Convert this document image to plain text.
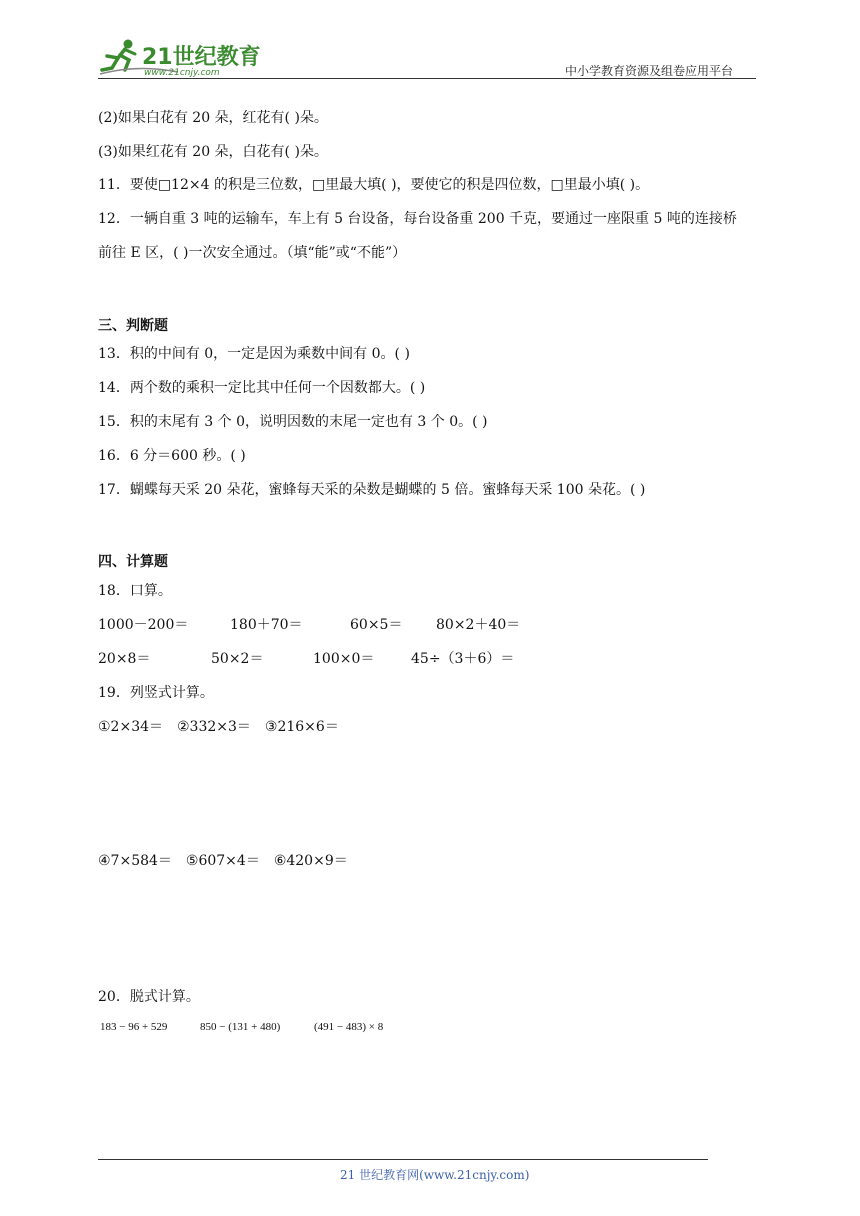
21世纪教育
www.21cnjy.com	中小学教育资源及组卷应用平台
(2)如果白花有 20 朵，红花有( )朵。
(3)如果红花有 20 朵，白花有( )朵。
11．要使□12×4 的积是三位数，□里最大填( )，要使它的积是四位数，□里最小填( )。
12．一辆自重 3 吨的运输车，车上有 5 台设备，每台设备重 200 千克，要通过一座限重 5 吨的连接桥
前往 E 区，( )一次安全通过。（填“能”或“不能”）
三、判断题
13．积的中间有 0，一定是因为乘数中间有 0。( )
14．两个数的乘积一定比其中任何一个因数都大。( )
15．积的末尾有 3 个 0，说明因数的末尾一定也有 3 个 0。( )
16．6 分＝600 秒。( )
17．蝴蝶每天采 20 朵花，蜜蜂每天采的朵数是蝴蝶的 5 倍。蜜蜂每天采 100 朵花。( )
四、计算题
18．口算。
1000－200＝	180＋70＝	60×5＝ 80×2＋40＝
20×8＝	50×2＝	100×0＝	45÷（3＋6）＝
19．列竖式计算。
①2×34＝　②332×3＝　③216×6＝
④7×584＝　⑤607×4＝　⑥420×9＝
20．脱式计算。
183 − 96 + 529	850 − (131 + 480)	(491 − 483) × 8
21 世纪教育网(www.21cnjy.com)
